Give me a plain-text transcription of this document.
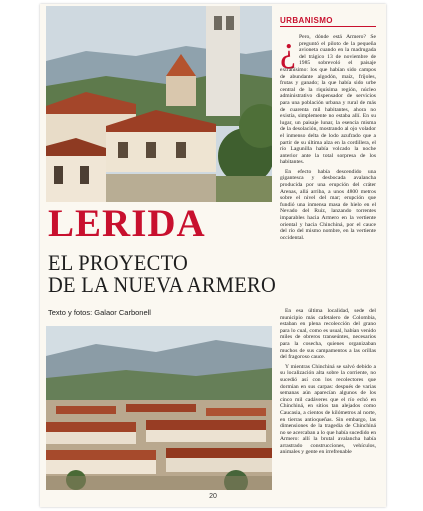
URBANISMO

¿ Pero, dónde está Armero? Se preguntó el piloto de la pequeña avioneta cuando en la madrugada del trágico 13 de noviembre de 1985 sobrevoló el paisaje extrañísimo: los que habían sido campos de abundante algodón, maíz, fríjoles, frutas y ganado; la que había sido urbe central de la riquísima región, núcleo administrativo dispensador de servicios para una población urbana y rural de más de cuarenta mil habitantes, ahora no existía, simplemente no estaba allí. En su lugar, un paisaje lunar, la esencia misma de la desolación, mostrando al ojo volador el inmenso delta de lodo azufrado que a partir de su última alza en la cordillera, el río Lagunilla había volcado la noche anterior ante la total sorpresa de los habitantes.

En efecto había descendido una gigantesca y desbocada avalancha producida por una erupción del cráter Arenas, allá arriba, a unos 4800 metros sobre el nivel del mar; erupción que fundió una inmensa masa de hielo en el Nevado del Ruiz, lanzando torrentes imparables hacia Armero en la vertiente oriental y hacia Chinchiná, por el cauce del río del mismo nombre, en la vertiente occidental.

LERIDA
EL PROYECTO
DE LA NUEVA ARMERO
Texto y fotos: Galaor Carbonell	En esa última localidad, sede del municipio más cafetalero de Colombia, estaban en plena recolección del grano para lo cual, como es usual, habían venido miles de obreros transeúntes, necesarios para la cosecha, quienes organizaban muchos de sus campamentos a las orillas del fragoroso cauce.

Y mientras Chinchiná se salvó debido a su localización alta sobre la corriente, no sucedió así con los recolectores que dormían en sus carpas: después de varias semanas aún aparecían algunos de los cinco mil cadáveres que el río echó en Chinchiná, en sitios tan alejados como Caucasia, a cientos de kilómetros al norte, en tierras antioqueñas. Sin embargo, las dimensiones de la tragedia de Chinchiná no se acercaban a lo que había sucedido en Armero: allí la brutal avalancha había arrastrado construcciones, vehículos, animales y gente en irrefrenable

20
